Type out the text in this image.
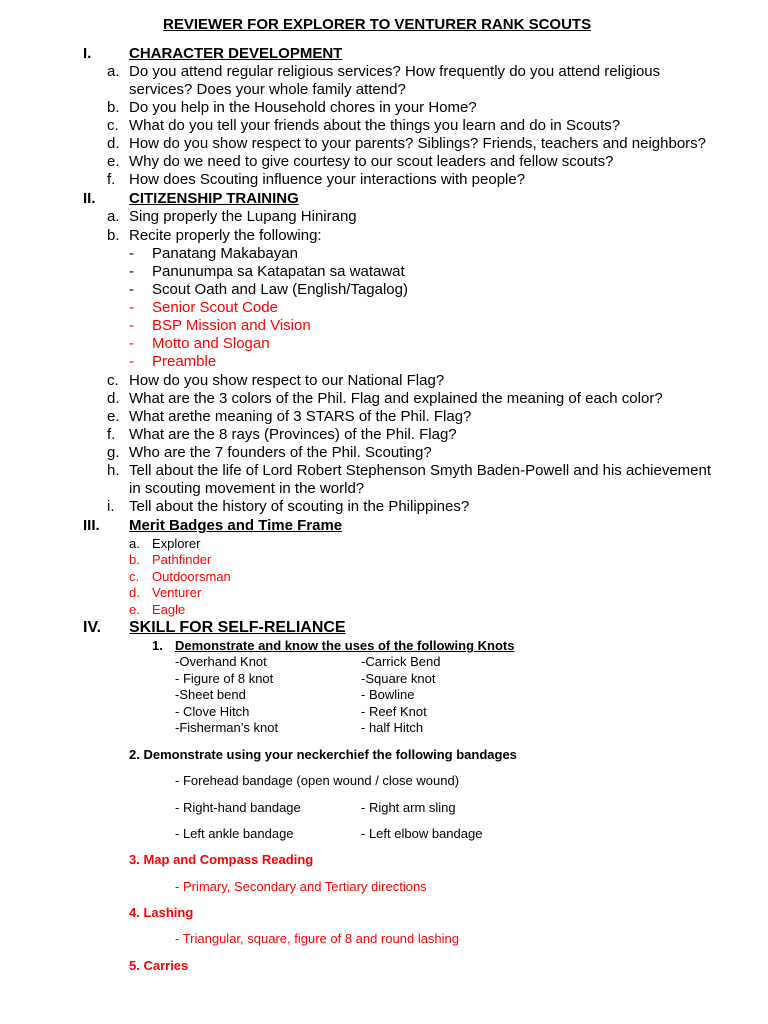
REVIEWER FOR EXPLORER TO VENTURER RANK SCOUTS
I.	CHARACTER DEVELOPMENT
a. Do you attend regular religious services? How frequently do you attend religious
services? Does your whole family attend?
b. Do you help in the Household chores in your Home?
c. What do you tell your friends about the things you learn and do in Scouts?
d. How do you show respect to your parents? Siblings? Friends, teachers and neighbors?
e. Why do we need to give courtesy to our scout leaders and fellow scouts?
f. How does Scouting influence your interactions with people?
II. CITIZENSHIP TRAINING
a. Sing properly the Lupang Hinirang
b. Recite properly the following:
- Panatang Makabayan
- Panunumpa sa Katapatan sa watawat
- Scout Oath and Law (English/Tagalog)
- Senior Scout Code
- BSP Mission and Vision
- Motto and Slogan
- Preamble
c. How do you show respect to our National Flag?
d. What are the 3 colors of the Phil. Flag and explained the meaning of each color?
e. What arethe meaning of 3 STARS of the Phil. Flag?
f. What are the 8 rays (Provinces) of the Phil. Flag?
g. Who are the 7 founders of the Phil. Scouting?
h. Tell about the life of Lord Robert Stephenson Smyth Baden-Powell and his achievement
in scouting movement in the world?
i. Tell about the history of scouting in the Philippines?
III. Merit Badges and Time Frame
a. Explorer
b. Pathfinder
c. Outdoorsman
d. Venturer
e. Eagle
IV. SKILL FOR SELF-RELIANCE
1. Demonstrate and know the uses of the following Knots
-Overhand Knot	-Carrick Bend
- Figure of 8 knot	-Square knot
-Sheet bend	- Bowline
- Clove Hitch	- Reef Knot
-Fisherman’s knot	- half Hitch
2. Demonstrate using your neckerchief the following bandages
- Forehead bandage (open wound / close wound)
- Right-hand bandage	- Right arm sling
- Left ankle bandage	- Left elbow bandage
3. Map and Compass Reading
- Primary, Secondary and Tertiary directions
4. Lashing
- Triangular, square, figure of 8 and round lashing
5. Carries
